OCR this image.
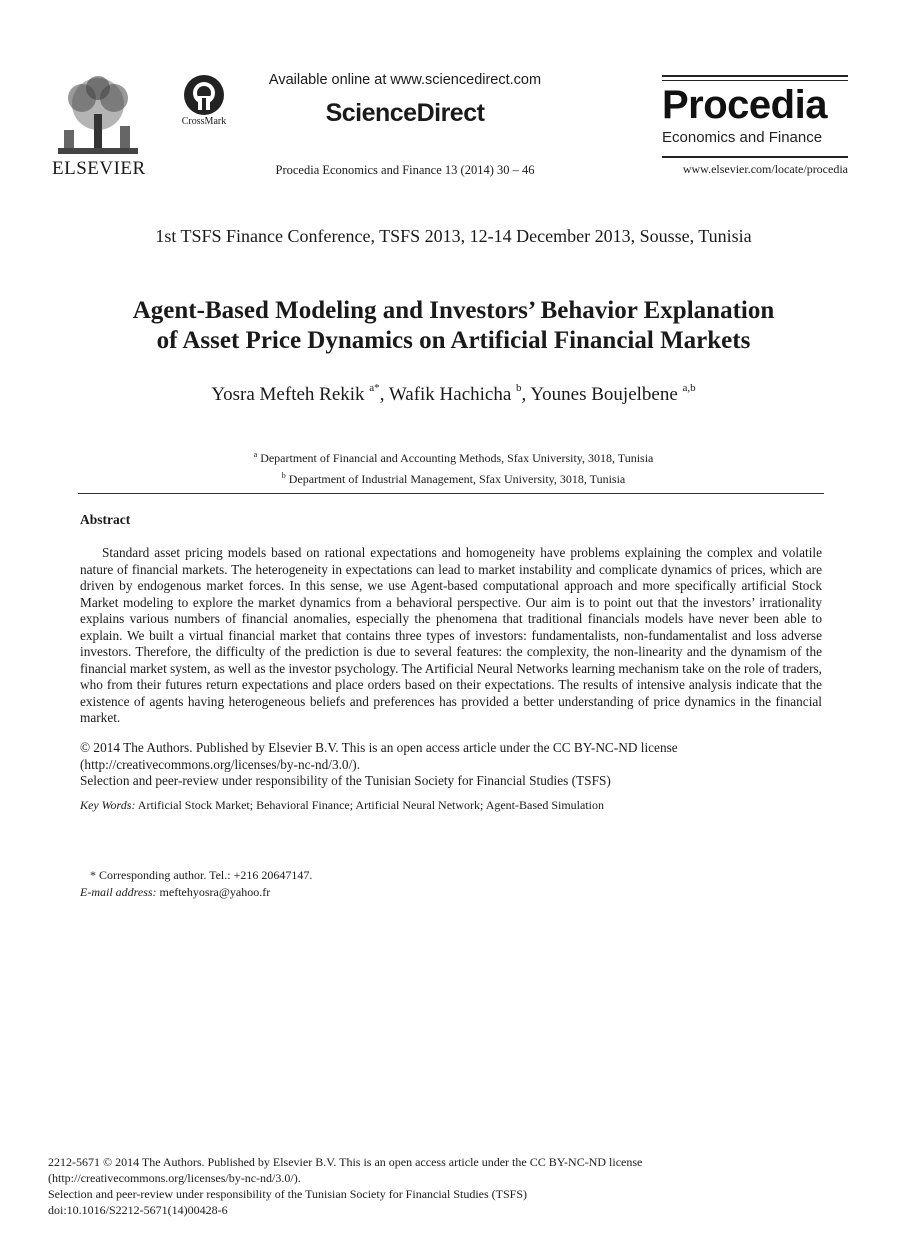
ELSEVIER
CrossMark
Available online at www.sciencedirect.com
ScienceDirect
Procedia Economics and Finance 13 (2014) 30 – 46
Procedia
Economics and Finance
www.elsevier.com/locate/procedia
1st TSFS Finance Conference, TSFS 2013, 12-14 December 2013, Sousse, Tunisia
Agent-Based Modeling and Investors’ Behavior Explanation
of Asset Price Dynamics on Artificial Financial Markets
Yosra Mefteh Rekik $^{a*}$, Wafik Hachicha $^b$, Younes Boujelbene $^{a,b}$
$^a$ Department of Financial and Accounting Methods, Sfax University, 3018, Tunisia
$^b$ Department of Industrial Management, Sfax University, 3018, Tunisia
Abstract
Standard asset pricing models based on rational expectations and homogeneity have problems explaining the complex and volatile nature of financial markets. The heterogeneity in expectations can lead to market instability and complicate dynamics of prices, which are driven by endogenous market forces. In this sense, we use Agent-based computational approach and more specifically artificial Stock Market modeling to explore the market dynamics from a behavioral perspective. Our aim is to point out that the investors’ irrationality explains various numbers of financial anomalies, especially the phenomena that traditional financials models have never been able to explain. We built a virtual financial market that contains three types of investors: fundamentalists, non-fundamentalist and loss adverse investors. Therefore, the difficulty of the prediction is due to several features: the complexity, the non-linearity and the dynamism of the financial market system, as well as the investor psychology. The Artificial Neural Networks learning mechanism take on the role of traders, who from their futures return expectations and place orders based on their expectations. The results of intensive analysis indicate that the existence of agents having heterogeneous beliefs and preferences has provided a better understanding of price dynamics in the financial market.
© 2014 The Authors. Published by Elsevier B.V. This is an open access article under the CC BY-NC-ND license
(http://creativecommons.org/licenses/by-nc-nd/3.0/).
Selection and peer-review under responsibility of the Tunisian Society for Financial Studies (TSFS)
Key Words: Artificial Stock Market; Behavioral Finance; Artificial Neural Network; Agent-Based Simulation
* Corresponding author. Tel.: +216 20647147.
E-mail address: meftehyosra@yahoo.fr
2212-5671 © 2014 The Authors. Published by Elsevier B.V. This is an open access article under the CC BY-NC-ND license
(http://creativecommons.org/licenses/by-nc-nd/3.0/).
Selection and peer-review under responsibility of the Tunisian Society for Financial Studies (TSFS)
doi:10.1016/S2212-5671(14)00428-6
